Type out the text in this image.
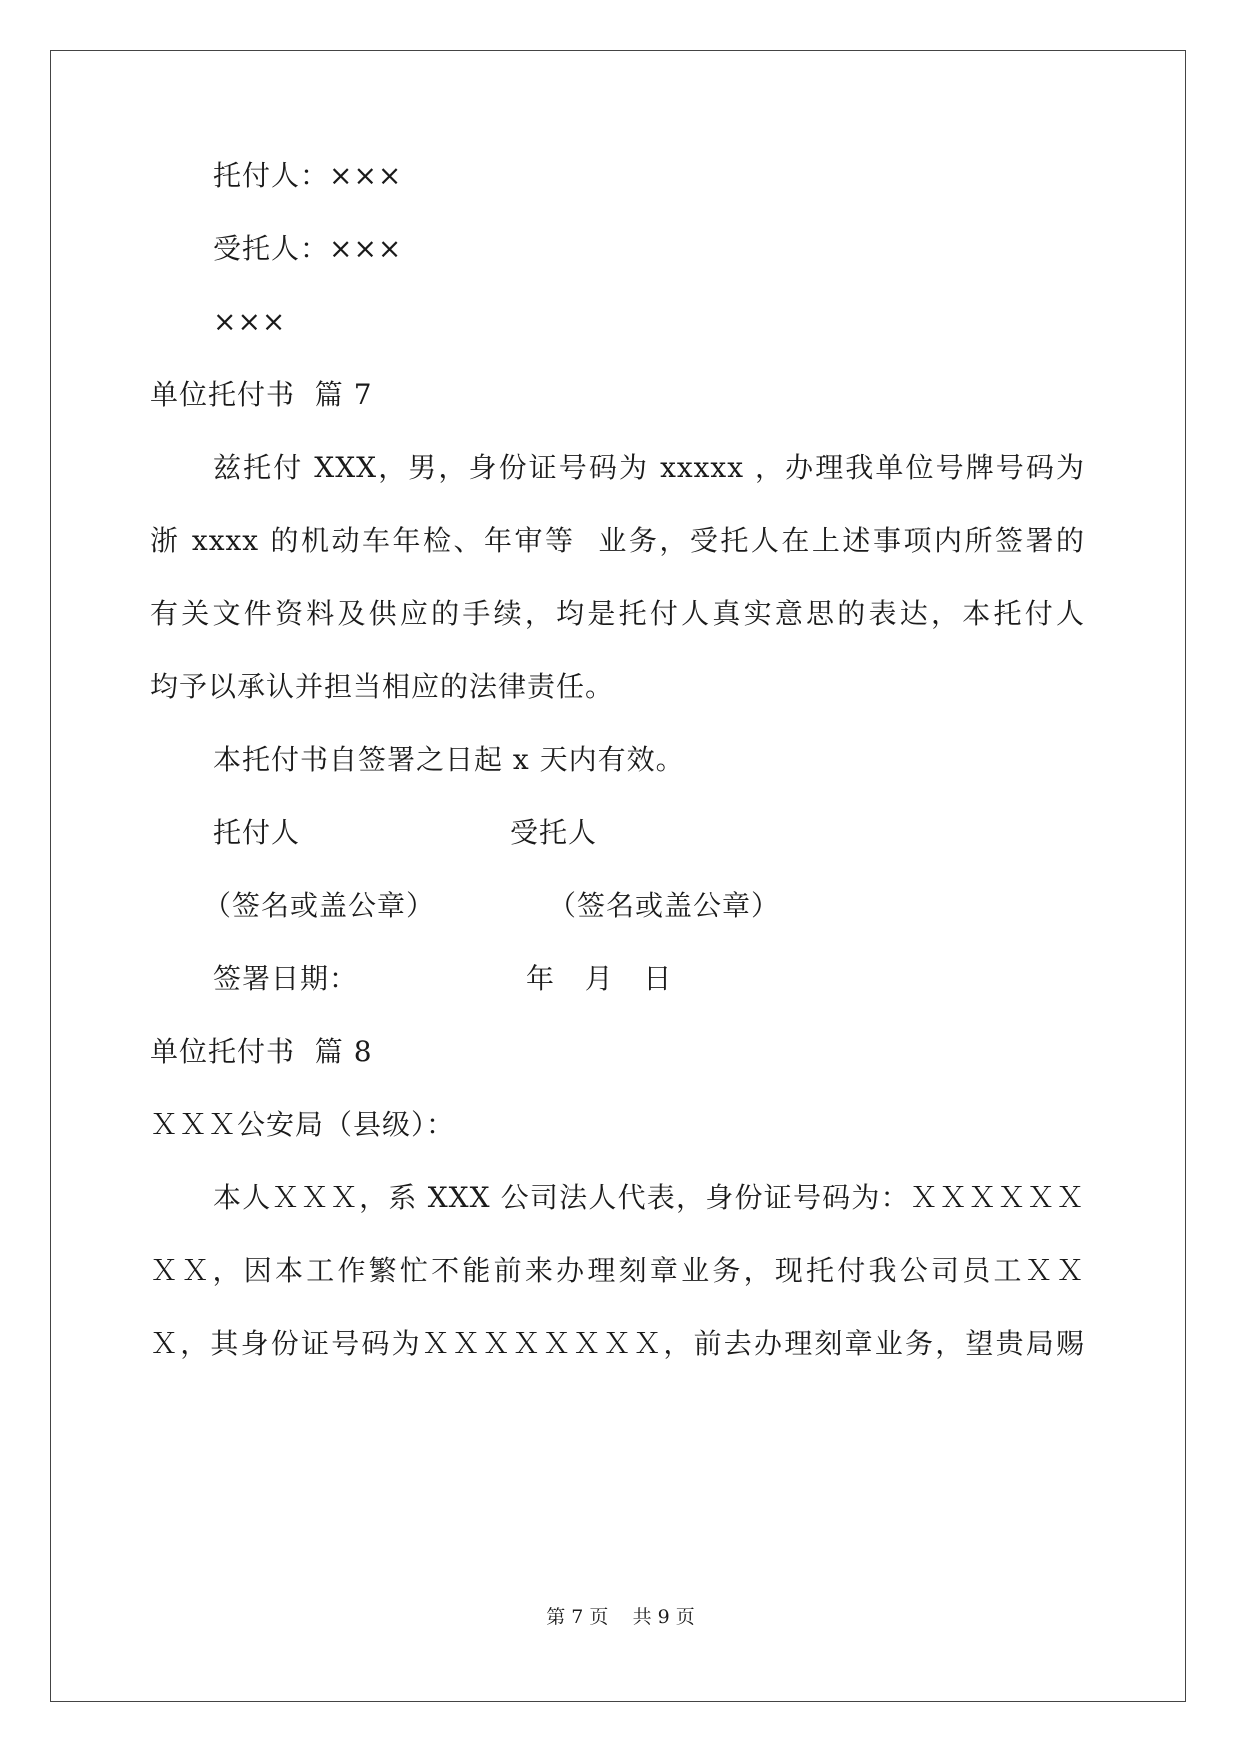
托付人：×××
受托人：×××
×××
单位托付书  篇 7
兹托付 XXX，男，身份证号码为 xxxxx ，办理我单位号牌号码为
浙 xxxx 的机动车年检、年审等  业务，受托人在上述事项内所签署的
有关文件资料及供应的手续，均是托付人真实意思的表达，本托付人
均予以承认并担当相应的法律责任。
本托付书自签署之日起 x 天内有效。
托付人	受托人
（签名或盖公章）	（签名或盖公章）
签署日期：	年   月   日
单位托付书  篇 8
ＸＸＸ公安局（县级）：
本人ＸＸＸ，系 XXX 公司法人代表，身份证号码为：ＸＸＸＸＸＸ
ＸＸ，因本工作繁忙不能前来办理刻章业务，现托付我公司员工ＸＸ
Ｘ，其身份证号码为ＸＸＸＸＸＸＸＸ，前去办理刻章业务，望贵局赐
第 7 页    共 9 页
